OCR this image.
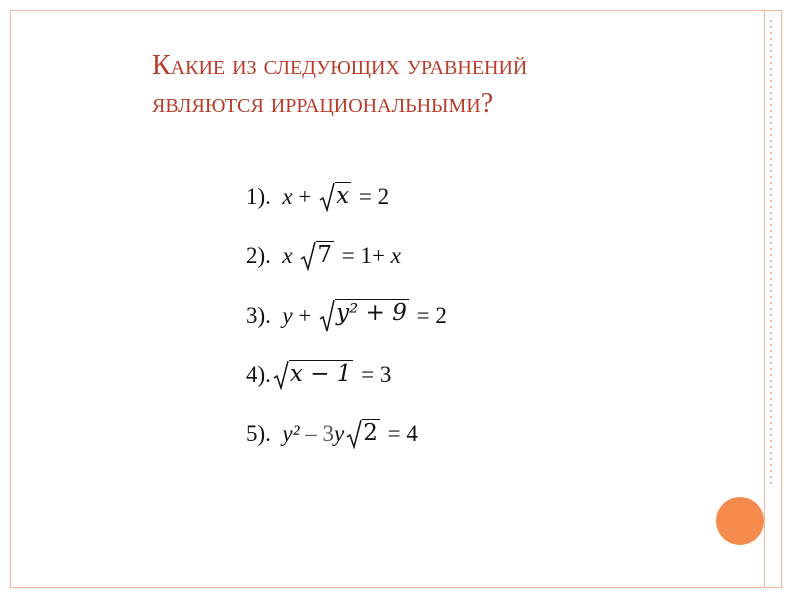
Какие из следующих уравнений
являются иррациональными?
1).
x + x = 2
2).
x
7 = 1+ x
3).
y + y² + 9 = 2
4). x − 1 = 3
5).
y² – 3 y 2 = 4
